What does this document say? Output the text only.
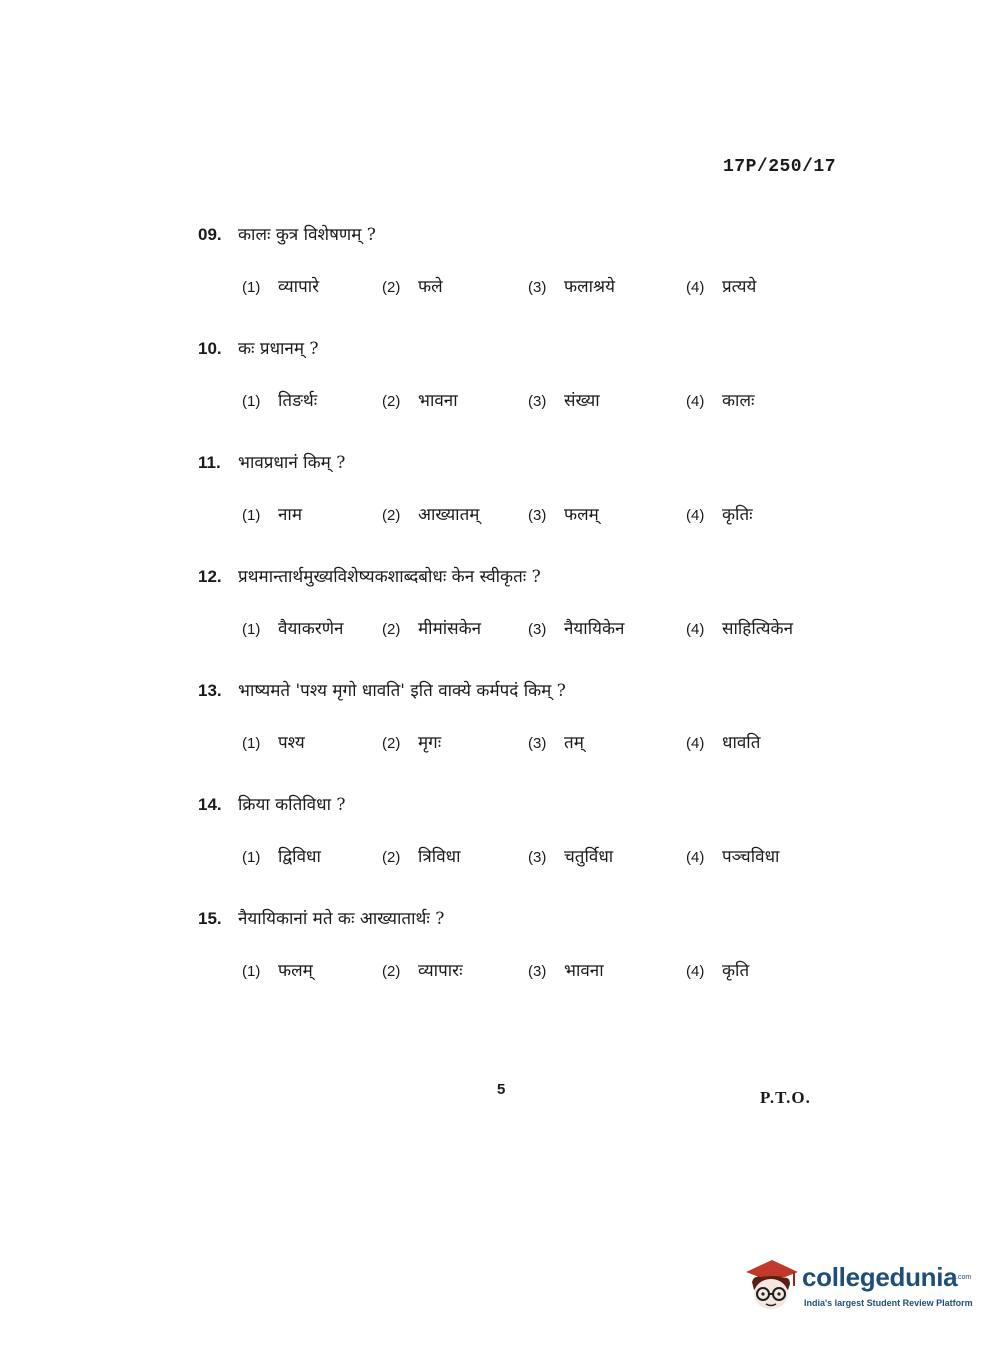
17P/250/17
09. कालः कुत्र विशेषणम् ?
(1) व्यापारे	(2) फले	(3) फलाश्रये	(4) प्रत्यये
10. कः प्रधानम् ?
(1) तिङर्थः	(2) भावना	(3) संख्या	(4) कालः
11. भावप्रधानं किम् ?
(1) नाम	(2) आख्यातम्	(3) फलम्	(4) कृतिः
12. प्रथमान्तार्थमुख्यविशेष्यकशाब्दबोधः केन स्वीकृतः ?
(1) वैयाकरणेन	(2) मीमांसकेन	(3) नैयायिकेन	(4) साहित्यिकेन
13. भाष्यमते 'पश्य मृगो धावति' इति वाक्ये कर्मपदं किम् ?
(1) पश्य	(2) मृगः	(3) तम्	(4) धावति
14. क्रिया कतिविधा ?
(1) द्विविधा	(2) त्रिविधा	(3) चतुर्विधा	(4) पञ्चविधा
15. नैयायिकानां मते कः आख्यातार्थः ?
(1) फलम्	(2) व्यापारः	(3) भावना	(4) कृति
5	P.T.O.
collegedunia
.com
India's largest Student Review Platform
